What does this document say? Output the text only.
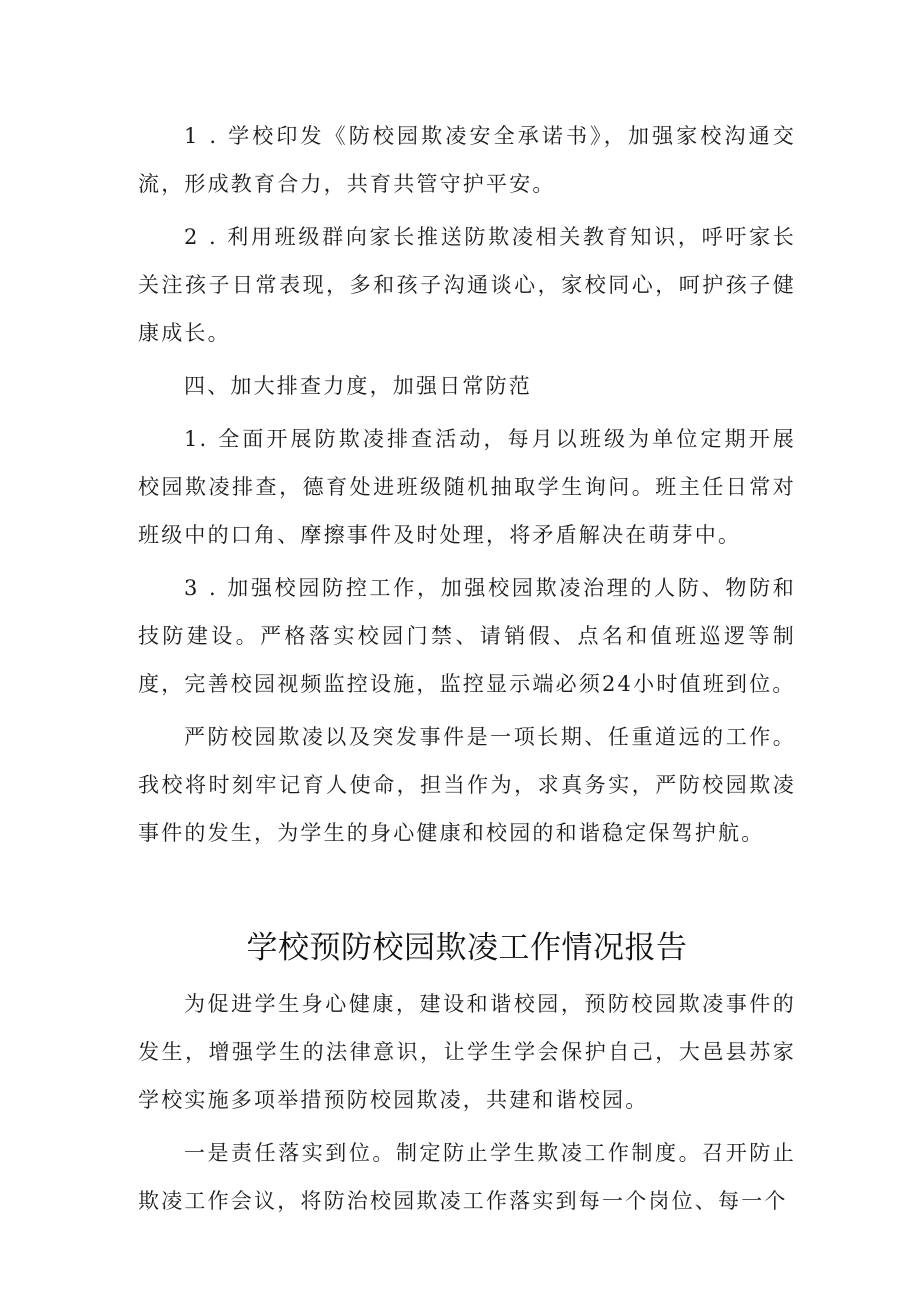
1 . 学校印发《防校园欺凌安全承诺书》，加强家校沟通交流，形成教育合力，共育共管守护平安。

2 . 利用班级群向家长推送防欺凌相关教育知识，呼吁家长关注孩子日常表现，多和孩子沟通谈心，家校同心，呵护孩子健康成长。

四、加大排查力度，加强日常防范

1. 全面开展防欺凌排查活动，每月以班级为单位定期开展校园欺凌排查，德育处进班级随机抽取学生询问。班主任日常对班级中的口角、摩擦事件及时处理，将矛盾解决在萌芽中。

3 . 加强校园防控工作，加强校园欺凌治理的人防、物防和技防建设。严格落实校园门禁、请销假、点名和值班巡逻等制度，完善校园视频监控设施，监控显示端必须24小时值班到位。

严防校园欺凌以及突发事件是一项长期、任重道远的工作。我校将时刻牢记育人使命，担当作为，求真务实，严防校园欺凌事件的发生，为学生的身心健康和校园的和谐稳定保驾护航。

学校预防校园欺凌工作情况报告

为促进学生身心健康，建设和谐校园，预防校园欺凌事件的发生，增强学生的法律意识，让学生学会保护自己，大邑县苏家学校实施多项举措预防校园欺凌，共建和谐校园。

一是责任落实到位。制定防止学生欺凌工作制度。召开防止欺凌工作会议，将防治校园欺凌工作落实到每一个岗位、每一个
